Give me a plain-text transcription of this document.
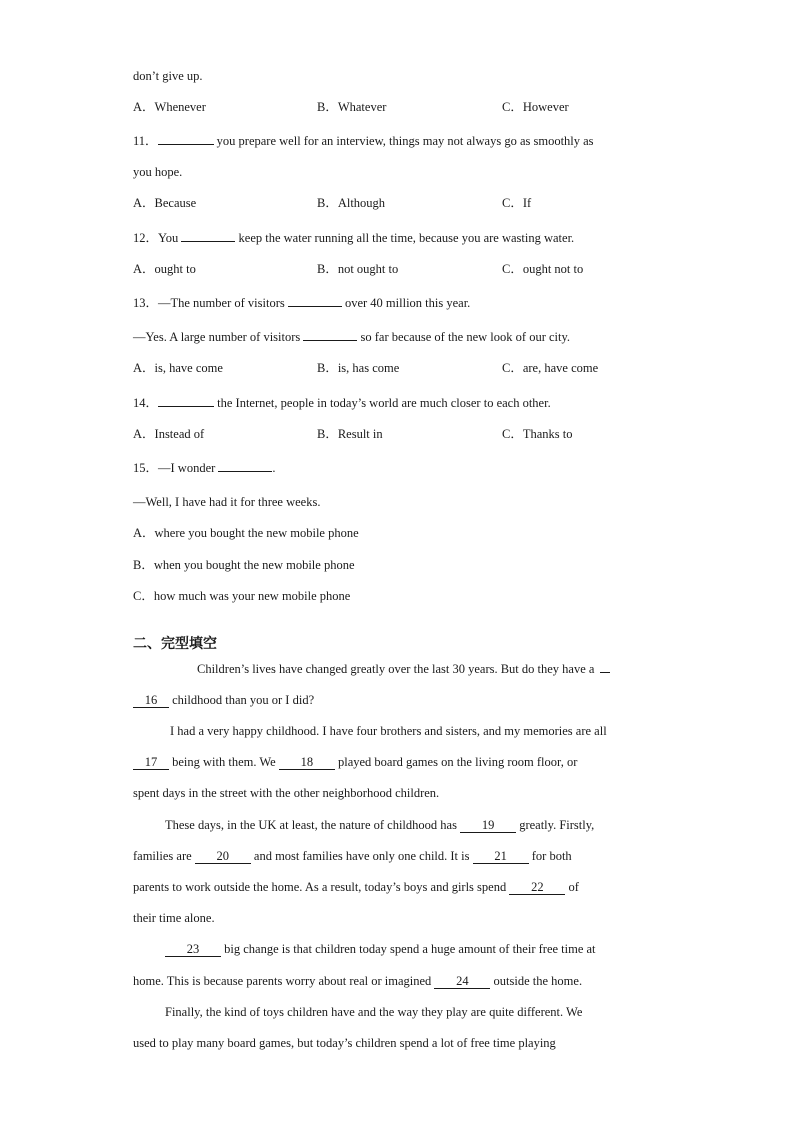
don’t give up.
A．Whenever	B．Whatever	C．However
11．	you prepare well for an interview, things may not always go as smoothly as
you hope.
A．Because	B．Although	C．If
12．You	keep the water running all the time, because you are wasting water.
A．ought to	B．not ought to	C．ought not to
13．—The number of visitors	over 40 million this year.
—Yes. A large number of visitors	so far because of the new look of our city.
A．is, have come	B．is, has come	C．are, have come
14．	the Internet, people in today’s world are much closer to each other.
A．Instead of	B．Result in	C．Thanks to
15．—I wonder	.
—Well, I have had it for three weeks.
A．where you bought the new mobile phone
B．when you bought the new mobile phone
C．how much was your new mobile phone
二、完型填空
Children’s lives have changed greatly over the last 30 years. But do they have a
16 childhood than you or I did?
I had a very happy childhood. I have four brothers and sisters, and my memories are all
17 being with them. We 18 played board games on the living room floor, or
spent days in the street with the other neighborhood children.
These days, in the UK at least, the nature of childhood has 19 greatly. Firstly,
families are 20 and most families have only one child. It is 21 for both
parents to work outside the home. As a result, today’s boys and girls spend 22 of
their time alone.
23 big change is that children today spend a huge amount of their free time at
home. This is because parents worry about real or imagined 24 outside the home.
Finally, the kind of toys children have and the way they play are quite different. We
used to play many board games, but today’s children spend a lot of free time playing
